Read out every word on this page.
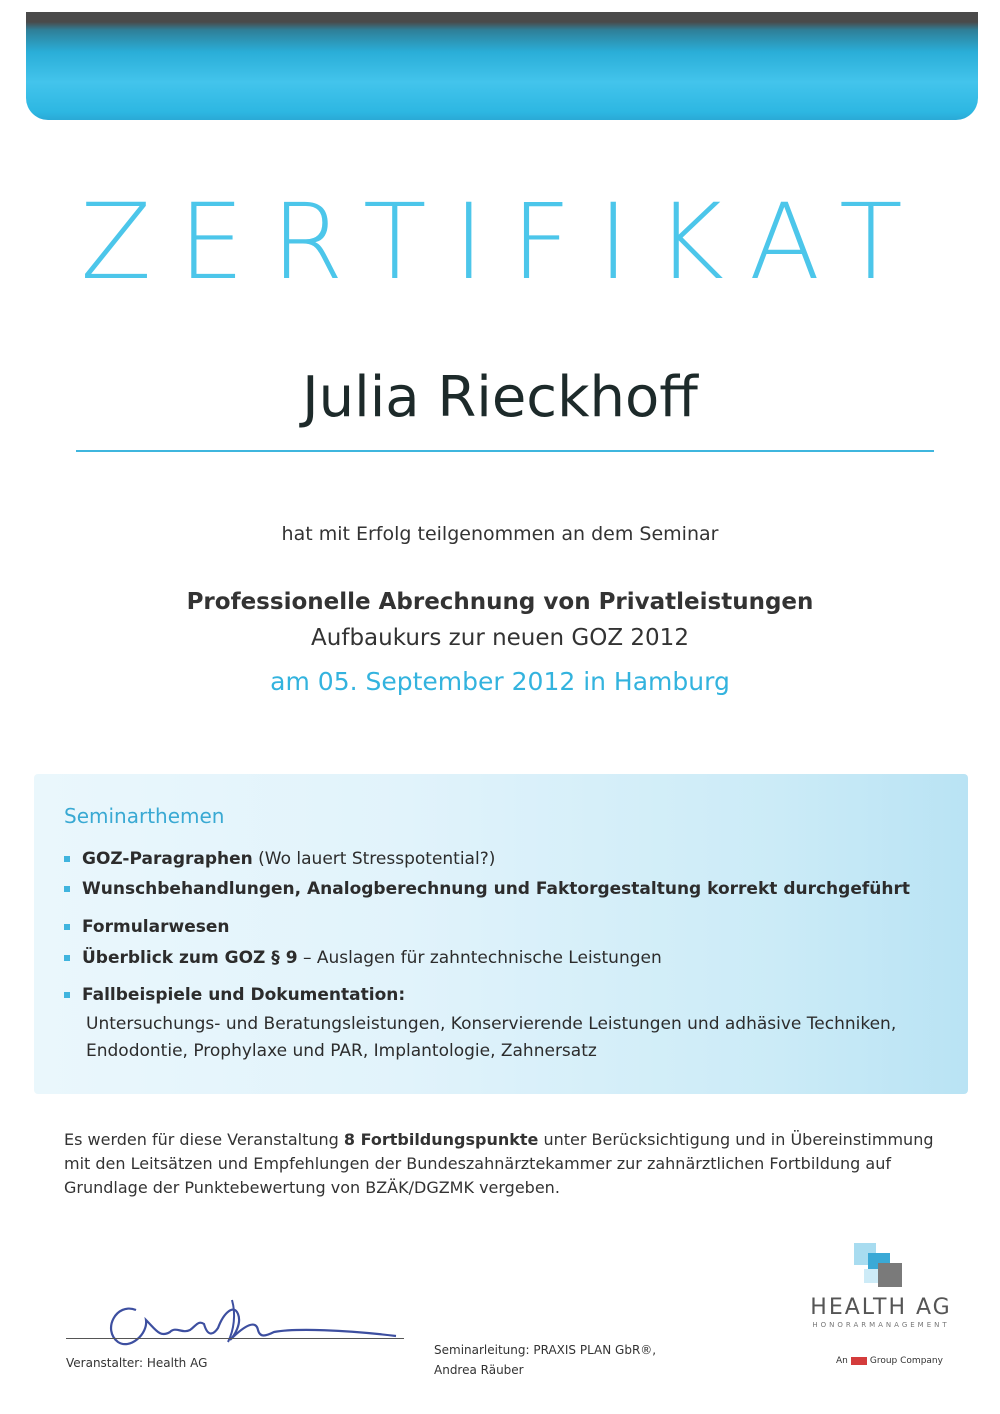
ZERTIFIKAT
Julia Rieckhoff
hat mit Erfolg teilgenommen an dem Seminar
Professionelle Abrechnung von Privatleistungen
Aufbaukurs zur neuen GOZ 2012
am 05. September 2012 in Hamburg
Seminarthemen
GOZ-Paragraphen (Wo lauert Stresspotential?)
Wunschbehandlungen, Analogberechnung und Faktorgestaltung korrekt durchgeführt
Formularwesen
Überblick zum GOZ § 9 – Auslagen für zahntechnische Leistungen
Fallbeispiele und Dokumentation:
Untersuchungs- und Beratungsleistungen, Konservierende Leistungen und adhäsive Techniken,
Endodontie, Prophylaxe und PAR, Implantologie, Zahnersatz
Es werden für diese Veranstaltung 8 Fortbildungspunkte unter Berücksichtigung und in Übereinstimmung mit den Leitsätzen und Empfehlungen der Bundeszahnärztekammer zur zahnärztlichen Fortbildung auf Grundlage der Punktebewertung von BZÄK/DGZMK vergeben.
HEALTH AG
HONORARMANAGEMENT
An Group Company
Veranstalter: Health AG
Seminarleitung: PRAXIS PLAN GbR®,
Andrea Räuber
